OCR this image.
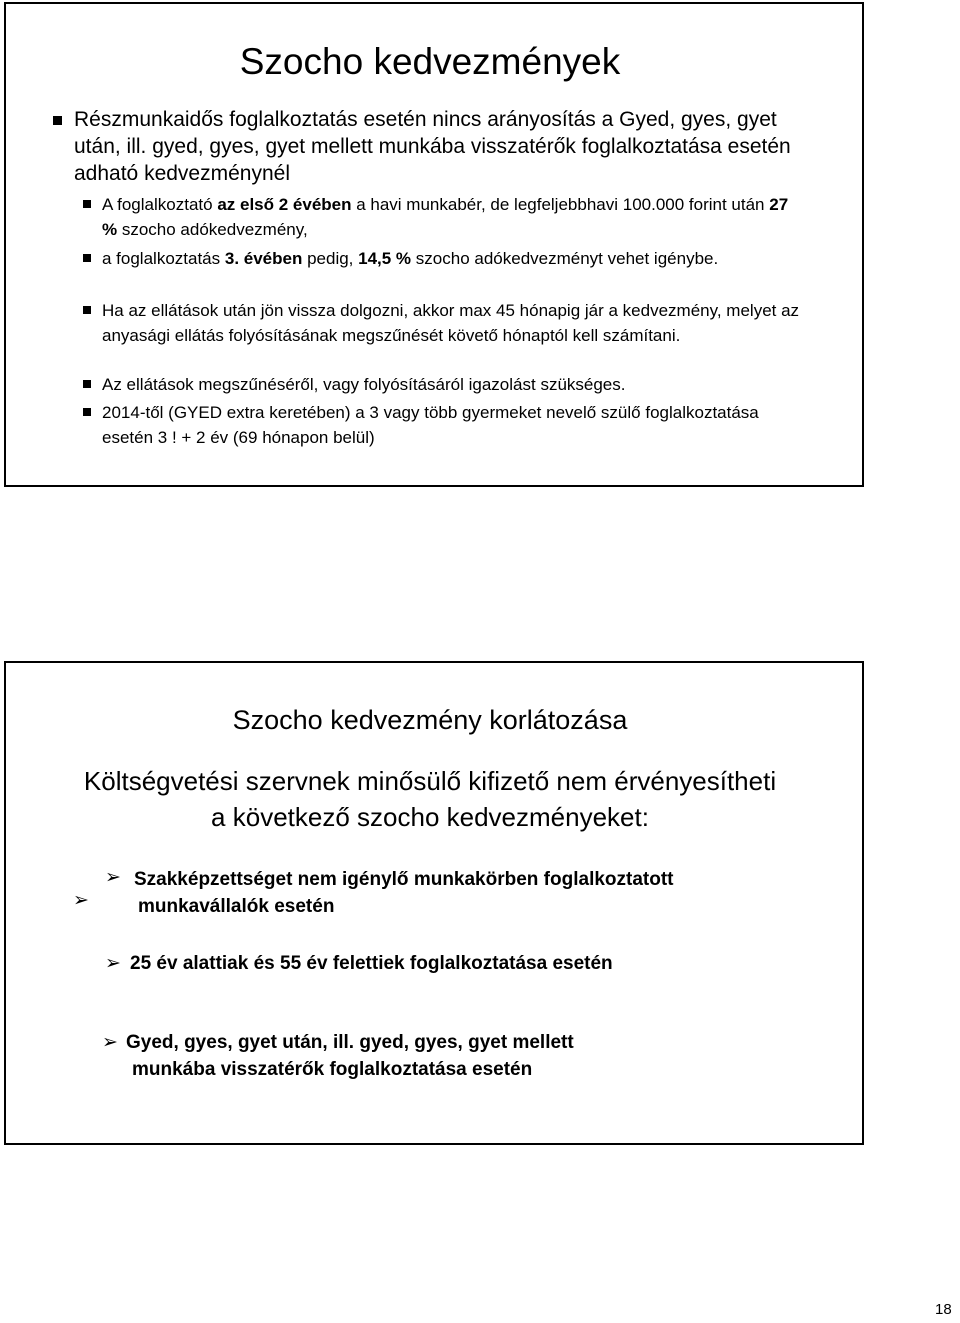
Szocho kedvezmények
Részmunkaidős foglalkoztatás esetén nincs arányosítás a Gyed, gyes, gyet után, ill. gyed, gyes, gyet mellett munkába visszatérők foglalkoztatása esetén adható kedvezménynél
A foglalkoztató az első 2 évében a havi munkabér, de legfeljebbhavi 100.000 forint után 27 % szocho adókedvezmény,
a foglalkoztatás 3. évében pedig, 14,5 % szocho adókedvezményt vehet igénybe.
Ha az ellátások után jön vissza dolgozni, akkor max 45 hónapig jár a kedvezmény, melyet az anyasági ellátás folyósításának megszűnését követő hónaptól kell számítani.
Az ellátások megszűnéséről, vagy folyósításáról igazolást szükséges.
2014-től (GYED extra keretében) a 3 vagy több gyermeket nevelő szülő foglalkoztatása esetén 3 ! + 2 év (69 hónapon belül)
Szocho kedvezmény korlátozása
Költségvetési szervnek minősülő kifizető nem érvényesítheti
a következő szocho kedvezményeket:
➢
➢ Szakképzettséget nem igénylő munkakörben foglalkoztatott
munkavállalók esetén
➢ 25 év alattiak és 55 év felettiek foglalkoztatása esetén
➢ Gyed, gyes, gyet után, ill. gyed, gyes, gyet mellett
munkába visszatérők foglalkoztatása esetén
18
